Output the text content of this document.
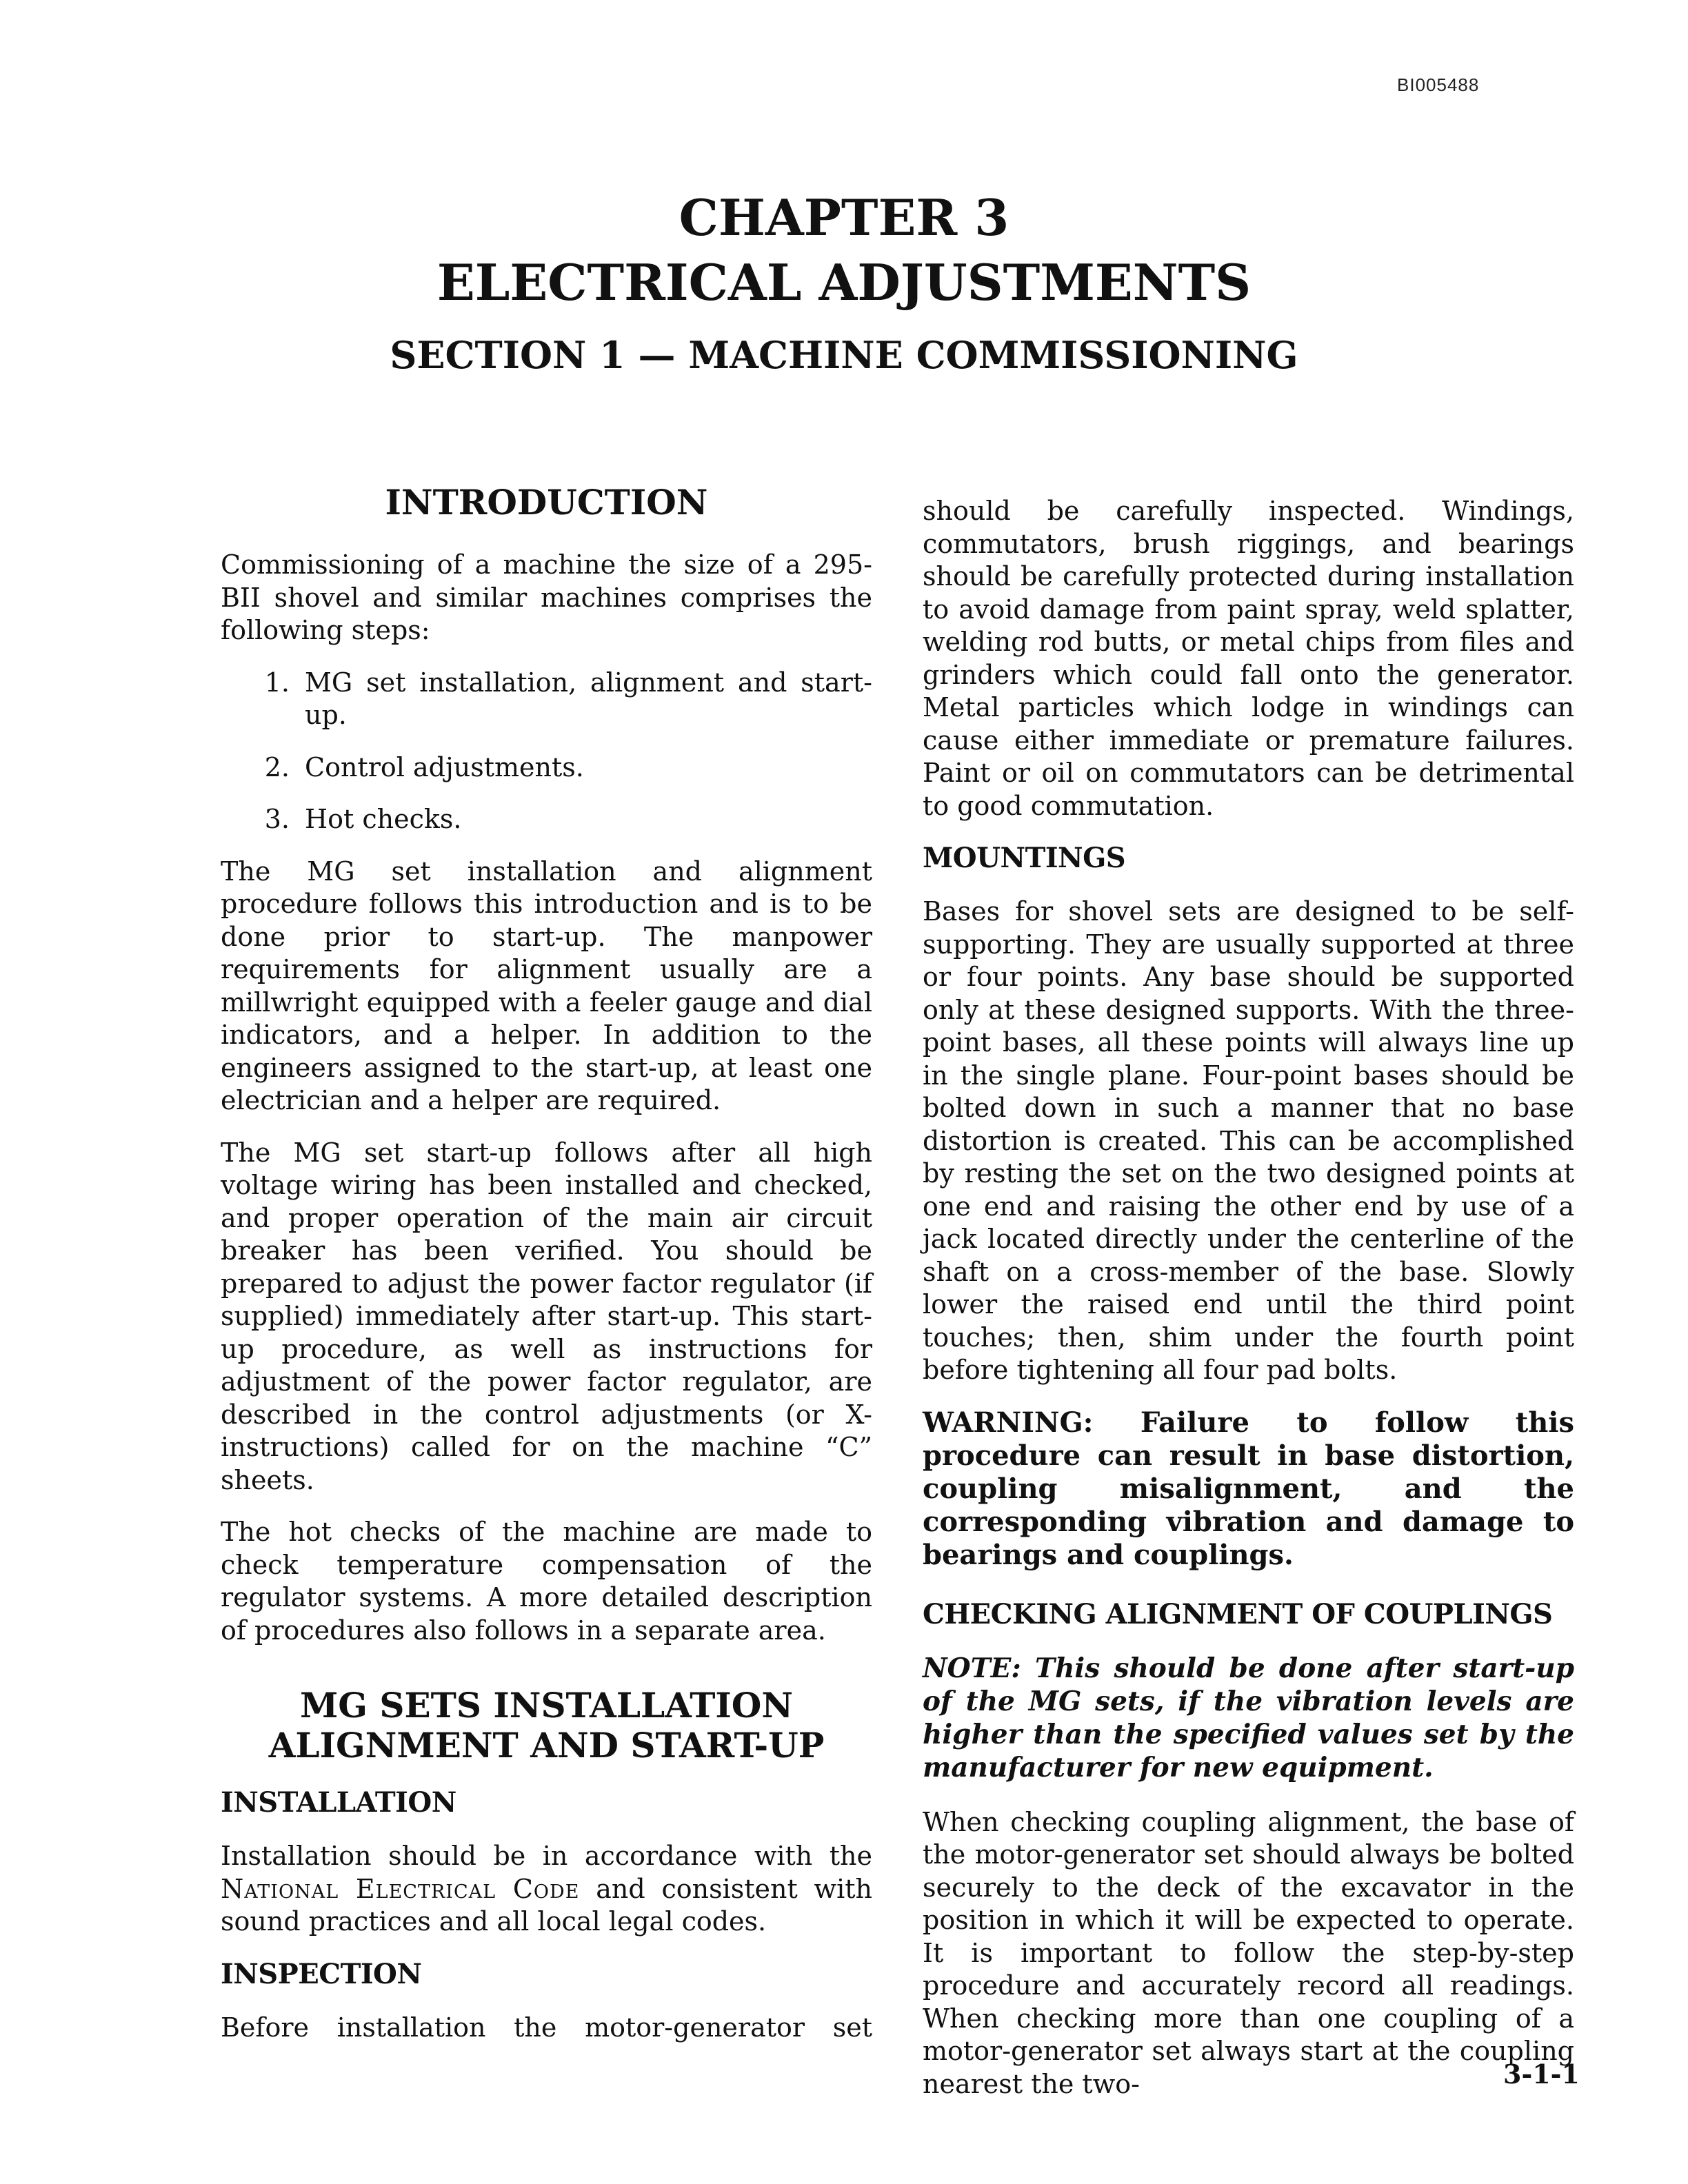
BI005488
CHAPTER 3
ELECTRICAL ADJUSTMENTS
SECTION 1 — MACHINE COMMISSIONING
INTRODUCTION

Commissioning of a machine the size of a 295-BII shovel and similar machines comprises the following steps:

1. MG set installation, alignment and start-up.
2. Control adjustments.
3. Hot checks.

The MG set installation and alignment procedure follows this introduction and is to be done prior to start-up. The manpower requirements for alignment usually are a millwright equipped with a feeler gauge and dial indicators, and a helper. In addition to the engineers assigned to the start-up, at least one electrician and a helper are required.

The MG set start-up follows after all high voltage wiring has been installed and checked, and proper operation of the main air circuit breaker has been verified. You should be prepared to adjust the power factor regulator (if supplied) immediately after start-up. This start-up procedure, as well as instructions for adjustment of the power factor regulator, are described in the control adjustments (or X-instructions) called for on the machine “C” sheets.

The hot checks of the machine are made to check temperature compensation of the regulator systems. A more detailed description of procedures also follows in a separate area.

MG SETS INSTALLATION
ALIGNMENT AND START-UP
INSTALLATION

Installation should be in accordance with the National Electrical Code and consistent with sound practices and all local legal codes.

INSPECTION

Before installation the motor-generator set

should be carefully inspected. Windings, commutators, brush riggings, and bearings should be carefully protected during installation to avoid damage from paint spray, weld splatter, welding rod butts, or metal chips from files and grinders which could fall onto the generator. Metal particles which lodge in windings can cause either immediate or premature failures. Paint or oil on commutators can be detrimental to good commutation.

MOUNTINGS

Bases for shovel sets are designed to be self-supporting. They are usually supported at three or four points. Any base should be supported only at these designed supports. With the three-point bases, all these points will always line up in the single plane. Four-point bases should be bolted down in such a manner that no base distortion is created. This can be accomplished by resting the set on the two designed points at one end and raising the other end by use of a jack located directly under the centerline of the shaft on a cross-member of the base. Slowly lower the raised end until the third point touches; then, shim under the fourth point before tightening all four pad bolts.

WARNING: Failure to follow this procedure can result in base distortion, coupling misalignment, and the corresponding vibration and damage to bearings and couplings.
CHECKING ALIGNMENT OF COUPLINGS
NOTE: This should be done after start-up of the MG sets, if the vibration levels are higher than the specified values set by the manufacturer for new equipment.

When checking coupling alignment, the base of the motor-generator set should always be bolted securely to the deck of the excavator in the position in which it will be expected to operate. It is important to follow the step-by-step procedure and accurately record all readings. When checking more than one coupling of a motor-generator set always start at the coupling nearest the two-	3-1-1
